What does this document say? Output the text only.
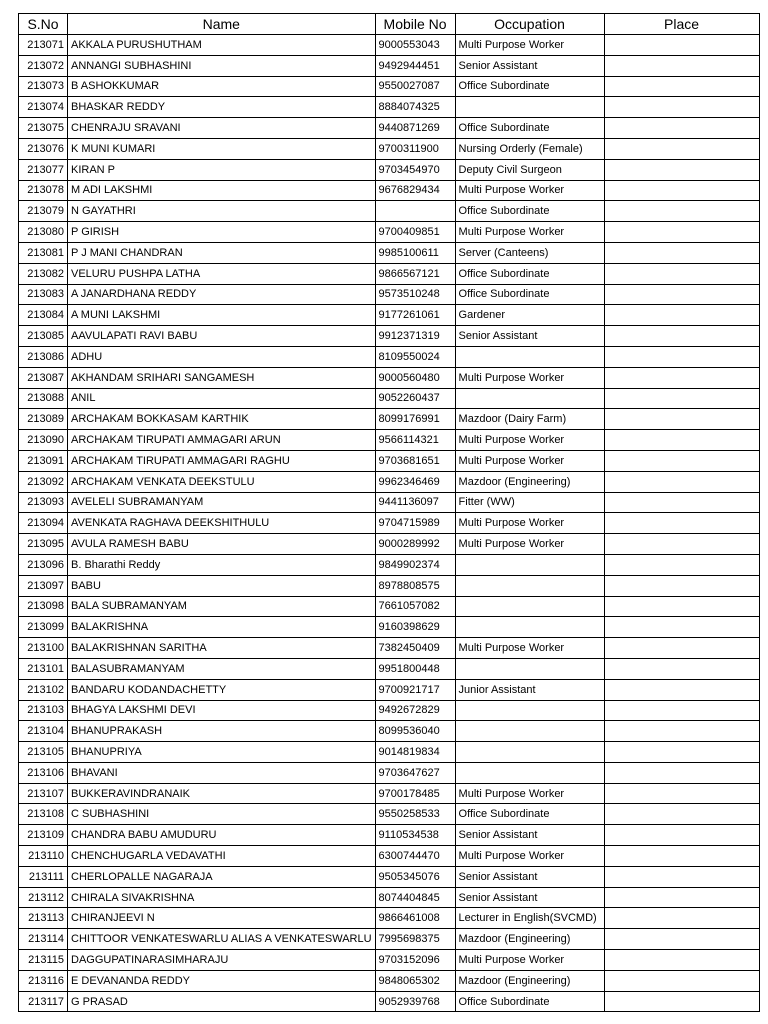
S.No	Name	Mobile No	Occupation	Place
213071	AKKALA PURUSHUTHAM	9000553043	Multi Purpose Worker	
213072	ANNANGI SUBHASHINI	9492944451	Senior Assistant	
213073	B ASHOKKUMAR	9550027087	Office Subordinate	
213074	BHASKAR REDDY	8884074325		
213075	CHENRAJU SRAVANI	9440871269	Office Subordinate	
213076	K MUNI KUMARI	9700311900	Nursing Orderly (Female)	
213077	KIRAN P	9703454970	Deputy Civil Surgeon	
213078	M ADI LAKSHMI	9676829434	Multi Purpose Worker	
213079	N GAYATHRI		Office Subordinate	
213080	P GIRISH	9700409851	Multi Purpose Worker	
213081	P J MANI CHANDRAN	9985100611	Server (Canteens)	
213082	VELURU PUSHPA LATHA	9866567121	Office Subordinate	
213083	A JANARDHANA REDDY	9573510248	Office Subordinate	
213084	A MUNI LAKSHMI	9177261061	Gardener	
213085	AAVULAPATI RAVI BABU	9912371319	Senior Assistant	
213086	ADHU	8109550024		
213087	AKHANDAM SRIHARI SANGAMESH	9000560480	Multi Purpose Worker	
213088	ANIL	9052260437		
213089	ARCHAKAM BOKKASAM KARTHIK	8099176991	Mazdoor (Dairy Farm)	
213090	ARCHAKAM TIRUPATI AMMAGARI ARUN	9566114321	Multi Purpose Worker	
213091	ARCHAKAM TIRUPATI AMMAGARI RAGHU	9703681651	Multi Purpose Worker	
213092	ARCHAKAM VENKATA DEEKSTULU	9962346469	Mazdoor (Engineering)	
213093	AVELELI SUBRAMANYAM	9441136097	Fitter (WW)	
213094	AVENKATA RAGHAVA DEEKSHITHULU	9704715989	Multi Purpose Worker	
213095	AVULA RAMESH BABU	9000289992	Multi Purpose Worker	
213096	B. Bharathi Reddy	9849902374		
213097	BABU	8978808575		
213098	BALA SUBRAMANYAM	7661057082		
213099	BALAKRISHNA	9160398629		
213100	BALAKRISHNAN SARITHA	7382450409	Multi Purpose Worker	
213101	BALASUBRAMANYAM	9951800448		
213102	BANDARU KODANDACHETTY	9700921717	Junior Assistant	
213103	BHAGYA LAKSHMI DEVI	9492672829		
213104	BHANUPRAKASH	8099536040		
213105	BHANUPRIYA	9014819834		
213106	BHAVANI	9703647627		
213107	BUKKERAVINDRANAIK	9700178485	Multi Purpose Worker	
213108	C SUBHASHINI	9550258533	Office Subordinate	
213109	CHANDRA BABU AMUDURU	9110534538	Senior Assistant	
213110	CHENCHUGARLA VEDAVATHI	6300744470	Multi Purpose Worker	
213111	CHERLOPALLE NAGARAJA	9505345076	Senior Assistant	
213112	CHIRALA SIVAKRISHNA	8074404845	Senior Assistant	
213113	CHIRANJEEVI N	9866461008	Lecturer in English(SVCMD)	
213114	CHITTOOR VENKATESWARLU ALIAS A VENKATESWARLU	7995698375	Mazdoor (Engineering)	
213115	DAGGUPATINARASIMHARAJU	9703152096	Multi Purpose Worker	
213116	E DEVANANDA REDDY	9848065302	Mazdoor (Engineering)	
213117	G PRASAD	9052939768	Office Subordinate	
